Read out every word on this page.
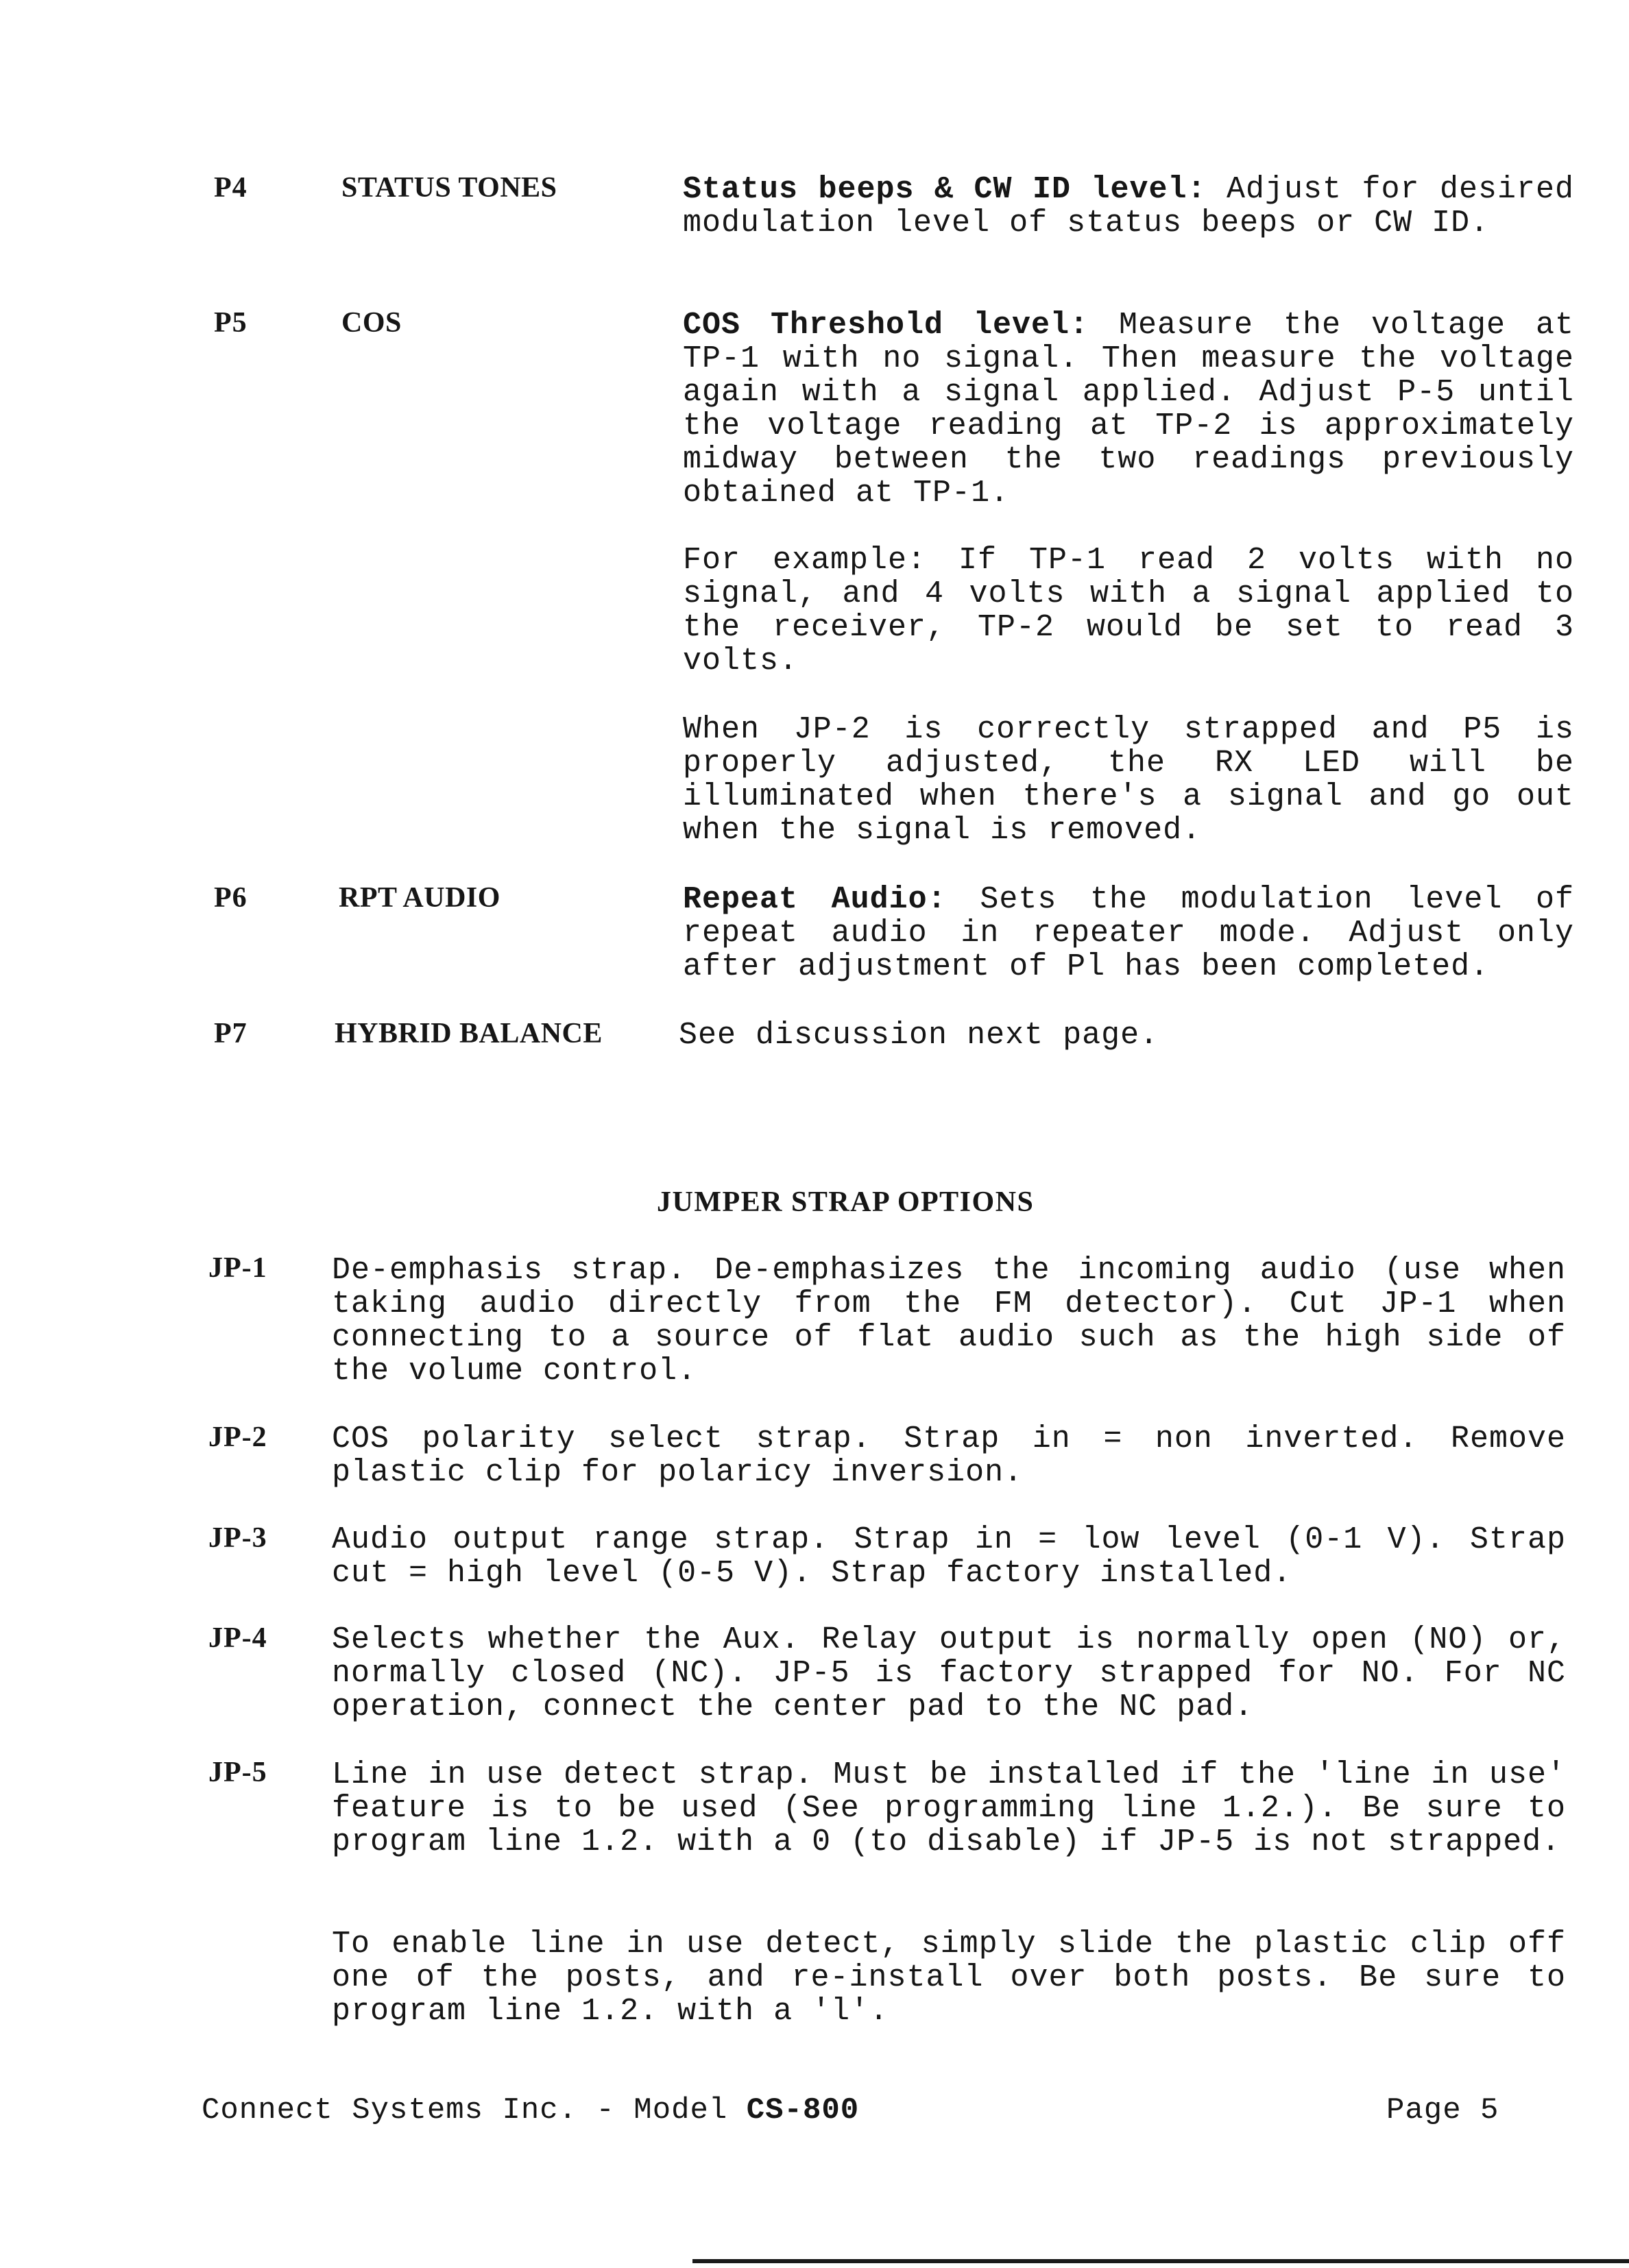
P4	STATUS TONES	Status beeps & CW ID level: Adjust for desired modulation level of status beeps or CW ID.
P5	COS	COS Threshold level: Measure the voltage at TP-1 with no signal. Then measure the voltage again with a signal applied. Adjust P-5 until the voltage reading at TP-2 is approximately midway between the two readings previously obtained at TP-1.
For example: If TP-1 read 2 volts with no signal, and 4 volts with a signal applied to the receiver, TP-2 would be set to read 3 volts.
When JP-2 is correctly strapped and P5 is properly adjusted, the RX LED will be illuminated when there's a signal and go out when the signal is removed.
P6	RPT AUDIO	Repeat Audio: Sets the modulation level of repeat audio in repeater mode. Adjust only after adjustment of Pl has been completed.
P7	HYBRID BALANCE See discussion next page.
JUMPER STRAP OPTIONS
JP-1 De-emphasis strap. De-emphasizes the incoming audio (use when taking audio directly from the FM detector). Cut JP-1 when connecting to a source of flat audio such as the high side of the volume control.
JP-2 COS polarity select strap. Strap in = non inverted. Remove plastic clip for polaricy inversion.
JP-3 Audio output range strap. Strap in = low level (0-1 V). Strap cut = high level (0-5 V). Strap factory installed.
JP-4 Selects whether the Aux. Relay output is normally open (NO) or, normally closed (NC). JP-5 is factory strapped for NO. For NC operation, connect the center pad to the NC pad.
JP-5 Line in use detect strap. Must be installed if the 'line in use' feature is to be used (See programming line 1.2.). Be sure to program line 1.2. with a 0 (to disable) if JP-5 is not strapped.
To enable line in use detect, simply slide the plastic clip off one of the posts, and re-install over both posts. Be sure to program line 1.2. with a 'l'.
Connect Systems Inc. - Model CS-800	Page 5
